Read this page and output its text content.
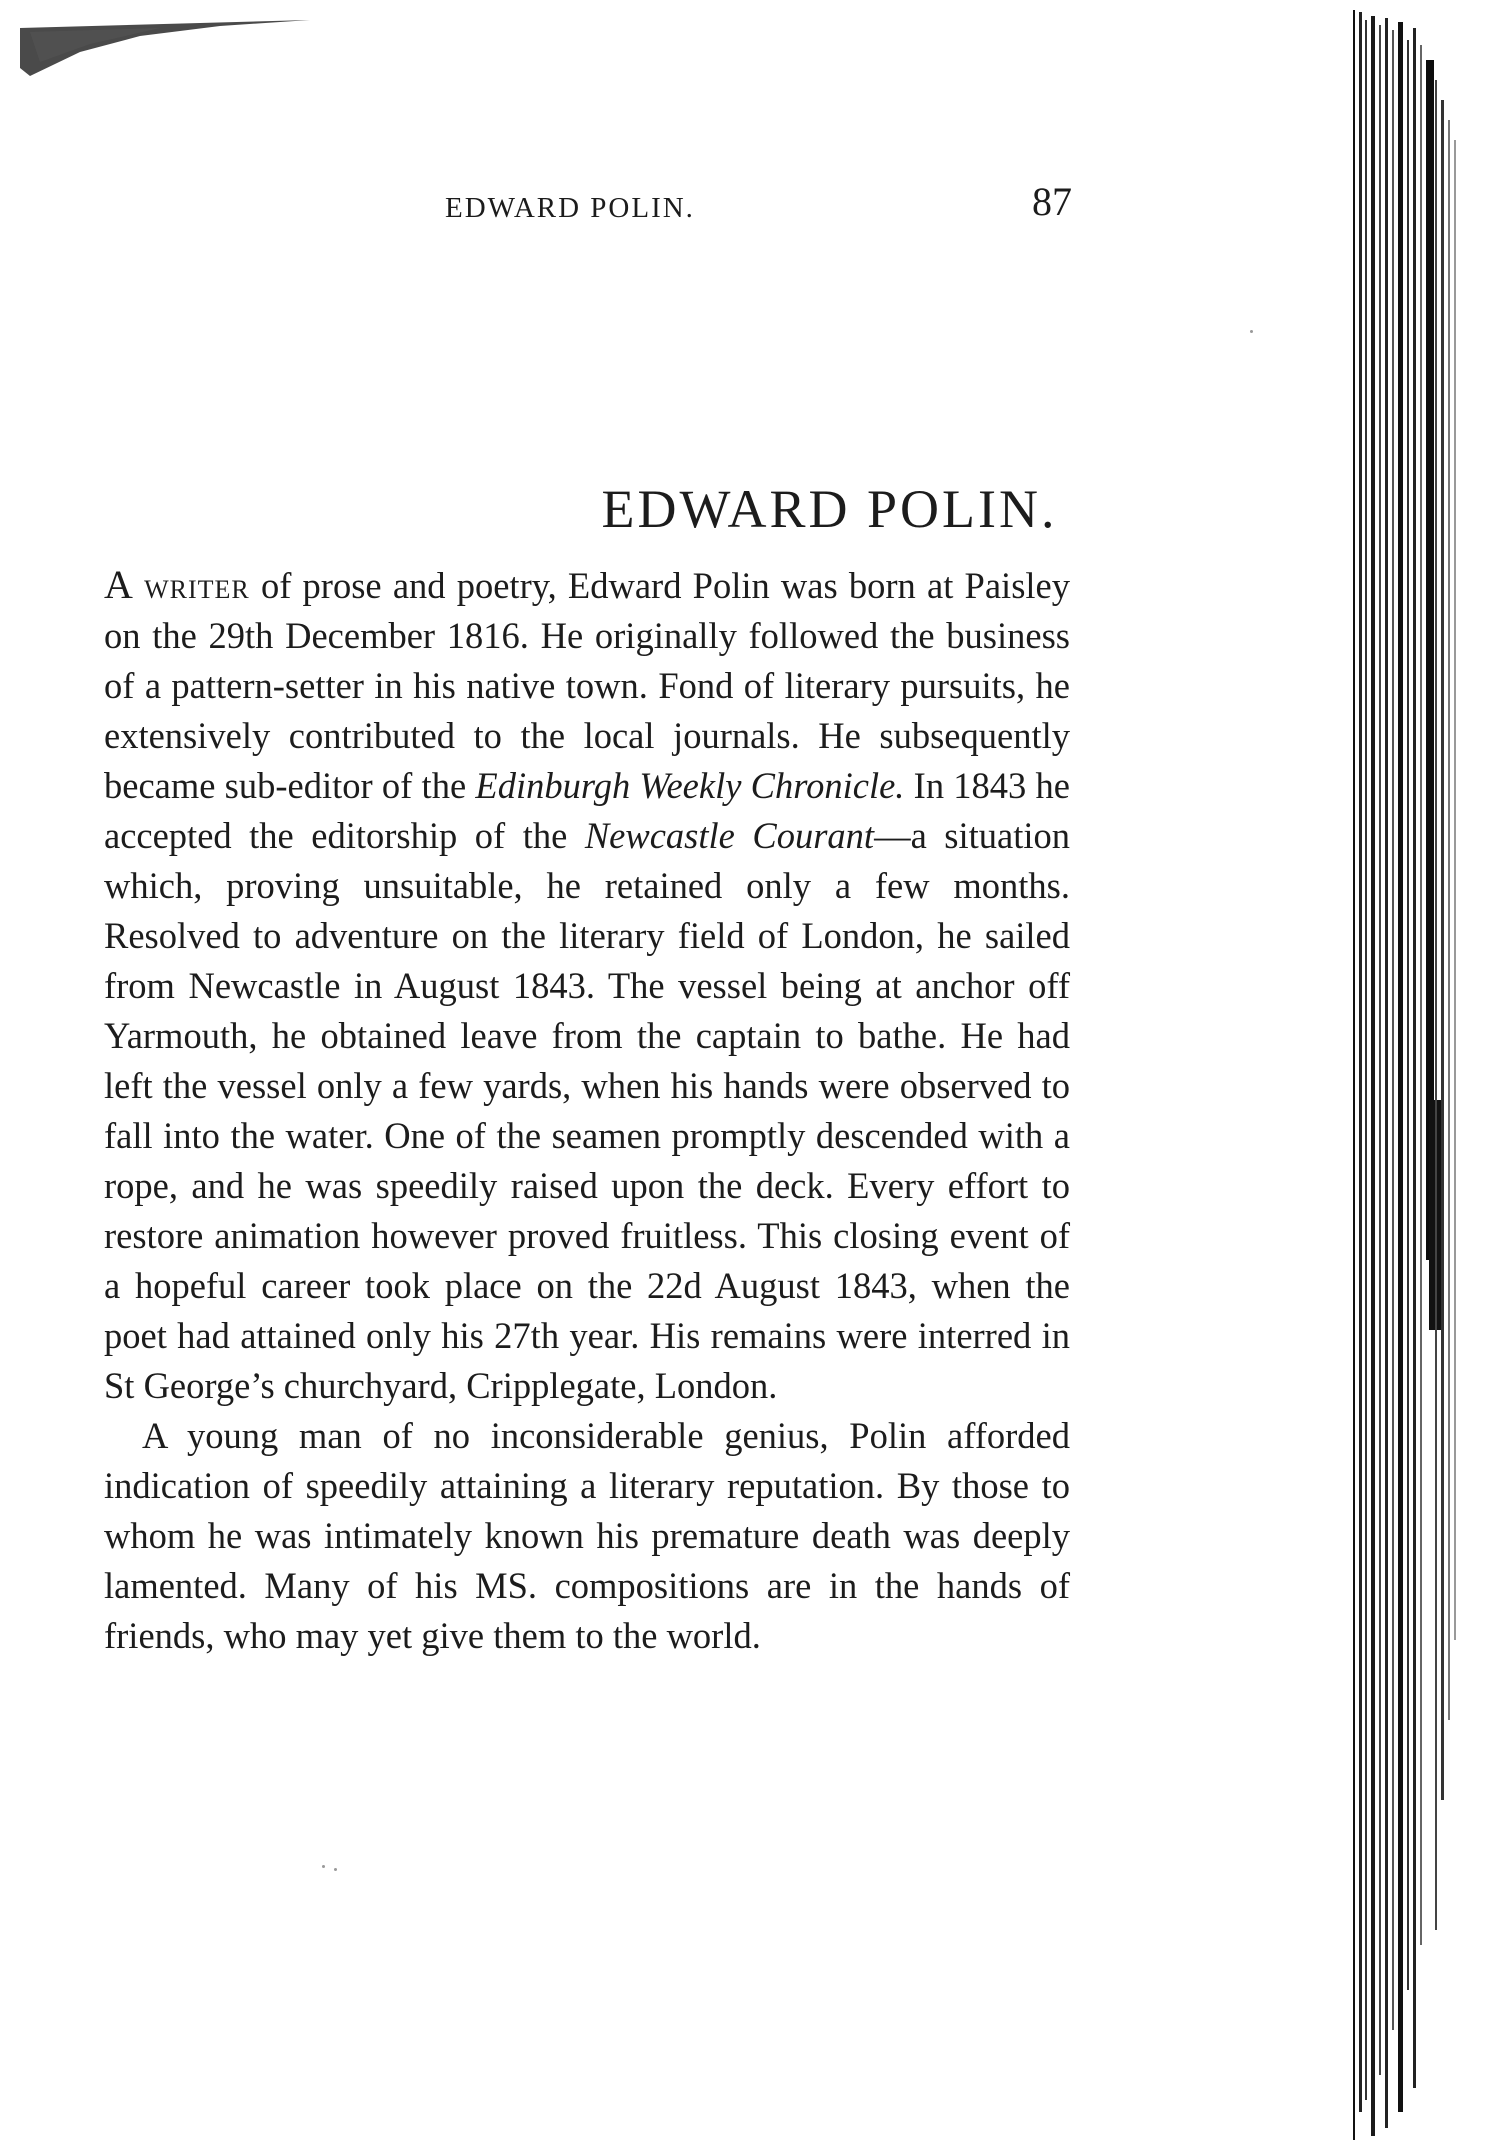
EDWARD POLIN.	87
EDWARD POLIN.

A writer of prose and poetry, Edward Polin was born at Paisley on the 29th December 1816. He originally followed the business of a pattern-setter in his native town. Fond of literary pursuits, he extensively contributed to the local journals. He subsequently became sub-editor of the Edinburgh Weekly Chronicle. In 1843 he accepted the editorship of the Newcastle Courant—a situation which, proving unsuitable, he retained only a few months. Resolved to adventure on the literary field of London, he sailed from Newcastle in August 1843. The vessel being at anchor off Yarmouth, he obtained leave from the captain to bathe. He had left the vessel only a few yards, when his hands were observed to fall into the water. One of the seamen promptly descended with a rope, and he was speedily raised upon the deck. Every effort to restore animation however proved fruitless. This closing event of a hopeful career took place on the 22d August 1843, when the poet had attained only his 27th year. His remains were interred in St George’s churchyard, Cripplegate, London.

A young man of no inconsiderable genius, Polin afforded indication of speedily attaining a literary reputation. By those to whom he was intimately known his premature death was deeply lamented. Many of his MS. compositions are in the hands of friends, who may yet give them to the world.
